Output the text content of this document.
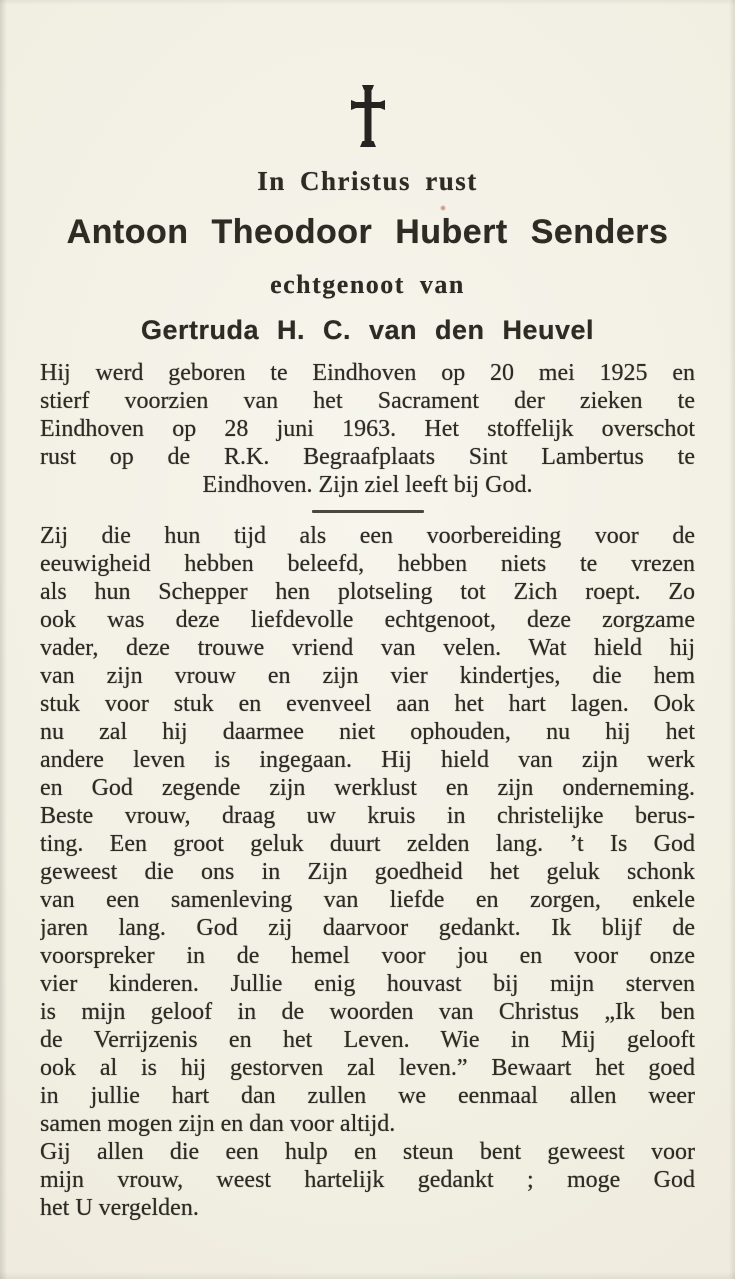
In Christus rust
Antoon Theodoor Hubert Senders
echtgenoot van
Gertruda H. C. van den Heuvel
Hij werd geboren te Eindhoven op 20 mei 1925 en
stierf voorzien van het Sacrament der zieken te
Eindhoven op 28 juni 1963. Het stoffelijk overschot
rust op de R.K. Begraafplaats Sint Lambertus te
Eindhoven. Zijn ziel leeft bij God.
Zij die hun tijd als een voorbereiding voor de
eeuwigheid hebben beleefd, hebben niets te vrezen
als hun Schepper hen plotseling tot Zich roept. Zo
ook was deze liefdevolle echtgenoot, deze zorgzame
vader, deze trouwe vriend van velen. Wat hield hij
van zijn vrouw en zijn vier kindertjes, die hem
stuk voor stuk en evenveel aan het hart lagen. Ook
nu zal hij daarmee niet ophouden, nu hij het
andere leven is ingegaan. Hij hield van zijn werk
en God zegende zijn werklust en zijn onderneming.
Beste vrouw, draag uw kruis in christelijke berus-
ting. Een groot geluk duurt zelden lang. ’t Is God
geweest die ons in Zijn goedheid het geluk schonk
van een samenleving van liefde en zorgen, enkele
jaren lang. God zij daarvoor gedankt. Ik blijf de
voorspreker in de hemel voor jou en voor onze
vier kinderen. Jullie enig houvast bij mijn sterven
is mijn geloof in de woorden van Christus „Ik ben
de Verrijzenis en het Leven. Wie in Mij gelooft
ook al is hij gestorven zal leven.” Bewaart het goed
in jullie hart dan zullen we eenmaal allen weer
samen mogen zijn en dan voor altijd.
Gij allen die een hulp en steun bent geweest voor
mijn vrouw, weest hartelijk gedankt ; moge God
het U vergelden.
